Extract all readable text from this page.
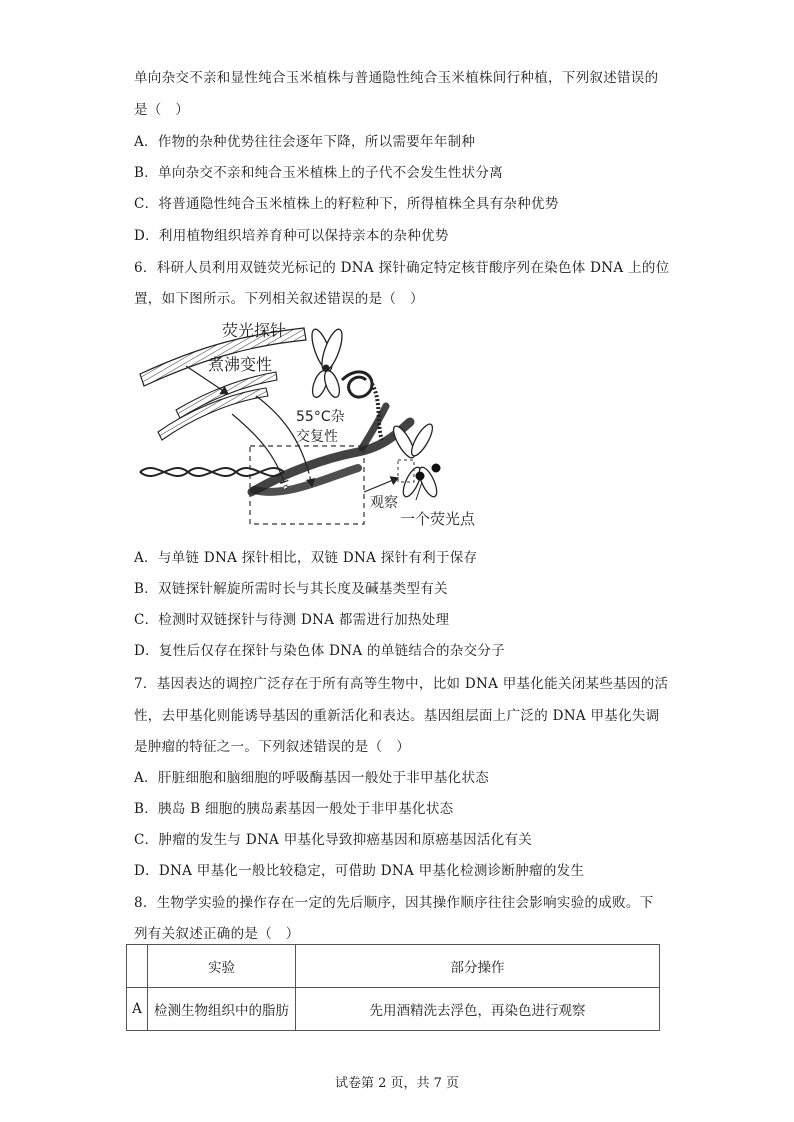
单向杂交不亲和显性纯合玉米植株与普通隐性纯合玉米植株间行种植，下列叙述错误的
是（　）
A．作物的杂种优势往往会逐年下降，所以需要年年制种
B．单向杂交不亲和纯合玉米植株上的子代不会发生性状分离
C．将普通隐性纯合玉米植株上的籽粒种下，所得植株全具有杂种优势
D．利用植物组织培养育种可以保持亲本的杂种优势
6．科研人员利用双链荧光标记的 DNA 探针确定特定核苷酸序列在染色体 DNA 上的位
置，如下图所示。下列相关叙述错误的是（　）
荧光探针
煮沸变性
55°C杂
交复性
观察
一个荧光点
A．与单链 DNA 探针相比，双链 DNA 探针有利于保存
B．双链探针解旋所需时长与其长度及碱基类型有关
C．检测时双链探针与待测 DNA 都需进行加热处理
D．复性后仅存在探针与染色体 DNA 的单链结合的杂交分子
7．基因表达的调控广泛存在于所有高等生物中，比如 DNA 甲基化能关闭某些基因的活
性，去甲基化则能诱导基因的重新活化和表达。基因组层面上广泛的 DNA 甲基化失调
是肿瘤的特征之一。下列叙述错误的是（　）
A．肝脏细胞和脑细胞的呼吸酶基因一般处于非甲基化状态
B．胰岛 B 细胞的胰岛素基因一般处于非甲基化状态
C．肿瘤的发生与 DNA 甲基化导致抑癌基因和原癌基因活化有关
D．DNA 甲基化一般比较稳定，可借助 DNA 甲基化检测诊断肿瘤的发生
8．生物学实验的操作存在一定的先后顺序，因其操作顺序往往会影响实验的成败。下
列有关叙述正确的是（　）
	实验	部分操作
A	检测生物组织中的脂肪	先用酒精洗去浮色，再染色进行观察
试卷第 2 页，共 7 页
